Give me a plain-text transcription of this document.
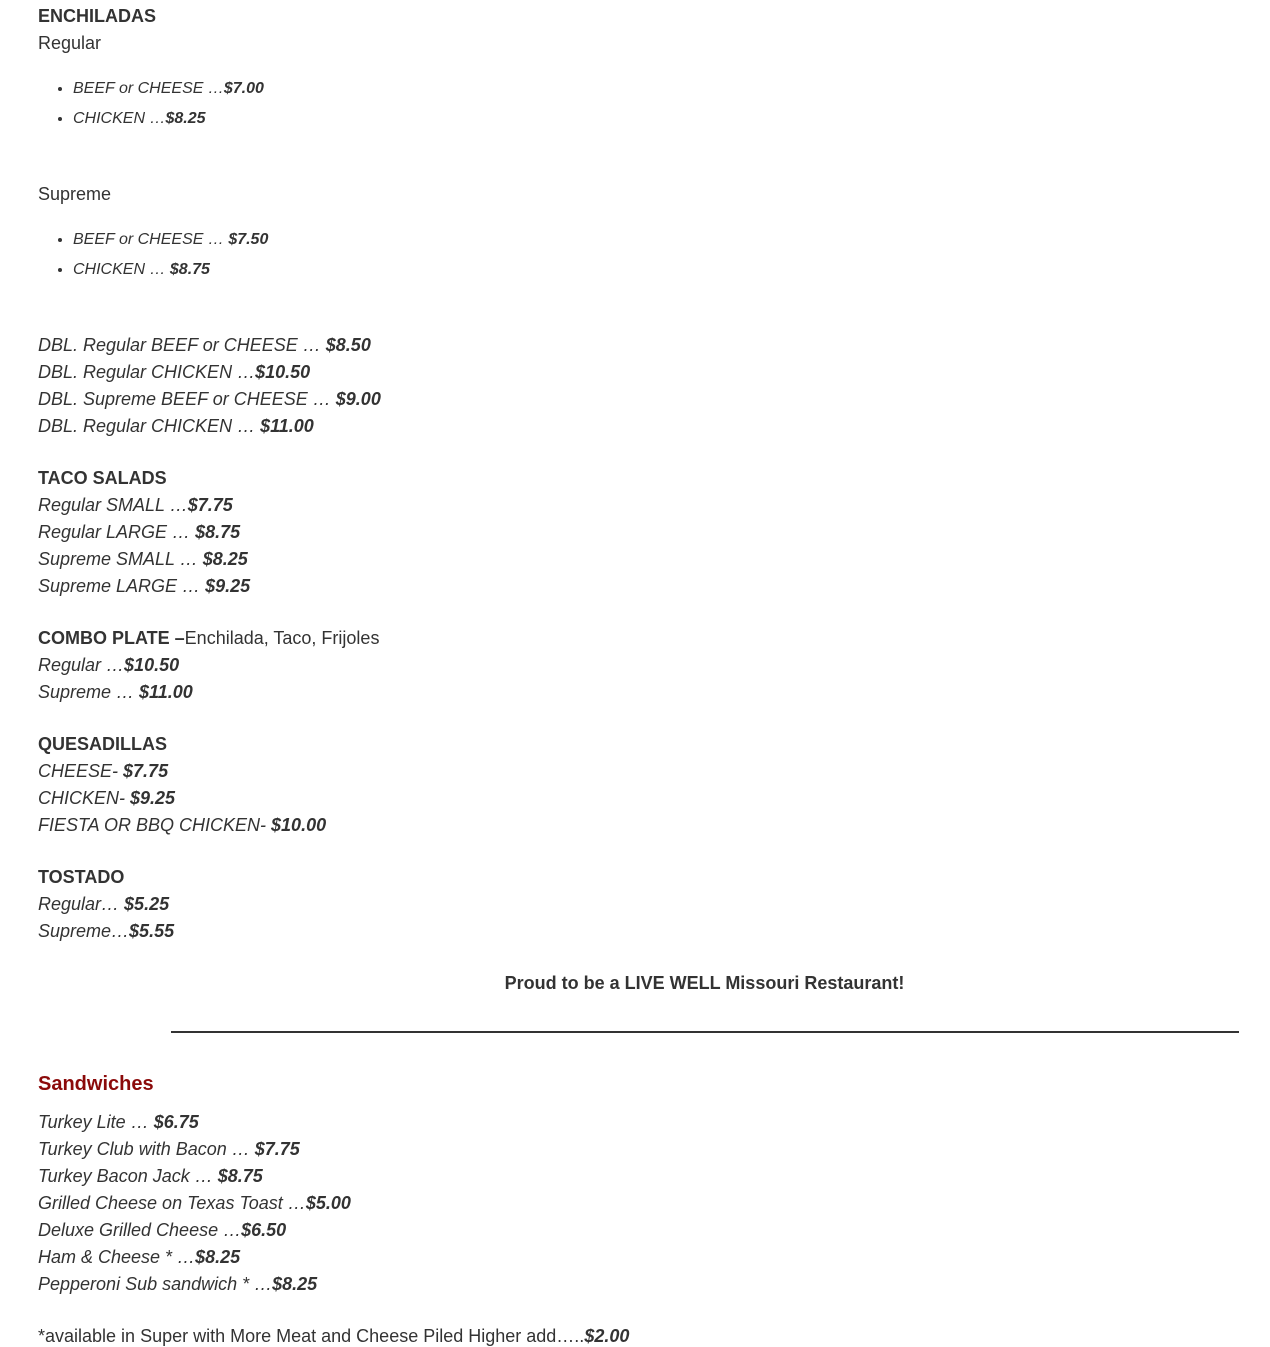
ENCHILADAS
Regular
• BEEF or CHEESE …$7.00
• CHICKEN …$8.25
Supreme
• BEEF or CHEESE … $7.50
• CHICKEN … $8.75
DBL. Regular BEEF or CHEESE … $8.50
DBL. Regular CHICKEN …$10.50
DBL. Supreme BEEF or CHEESE … $9.00
DBL. Regular CHICKEN … $11.00
TACO SALADS
Regular SMALL …$7.75
Regular LARGE … $8.75
Supreme SMALL … $8.25
Supreme LARGE … $9.25
COMBO PLATE –Enchilada, Taco, Frijoles
Regular …$10.50
Supreme … $11.00
QUESADILLAS
CHEESE- $7.75
CHICKEN- $9.25
FIESTA OR BBQ CHICKEN- $10.00
TOSTADO
Regular… $5.25
Supreme…$5.55
Proud to be a LIVE WELL Missouri Restaurant!
Sandwiches
Turkey Lite … $6.75
Turkey Club with Bacon … $7.75
Turkey Bacon Jack … $8.75
Grilled Cheese on Texas Toast …$5.00
Deluxe Grilled Cheese …$6.50
Ham & Cheese * …$8.25
Pepperoni Sub sandwich * …$8.25
*available in Super with More Meat and Cheese Piled Higher add…..$2.00
